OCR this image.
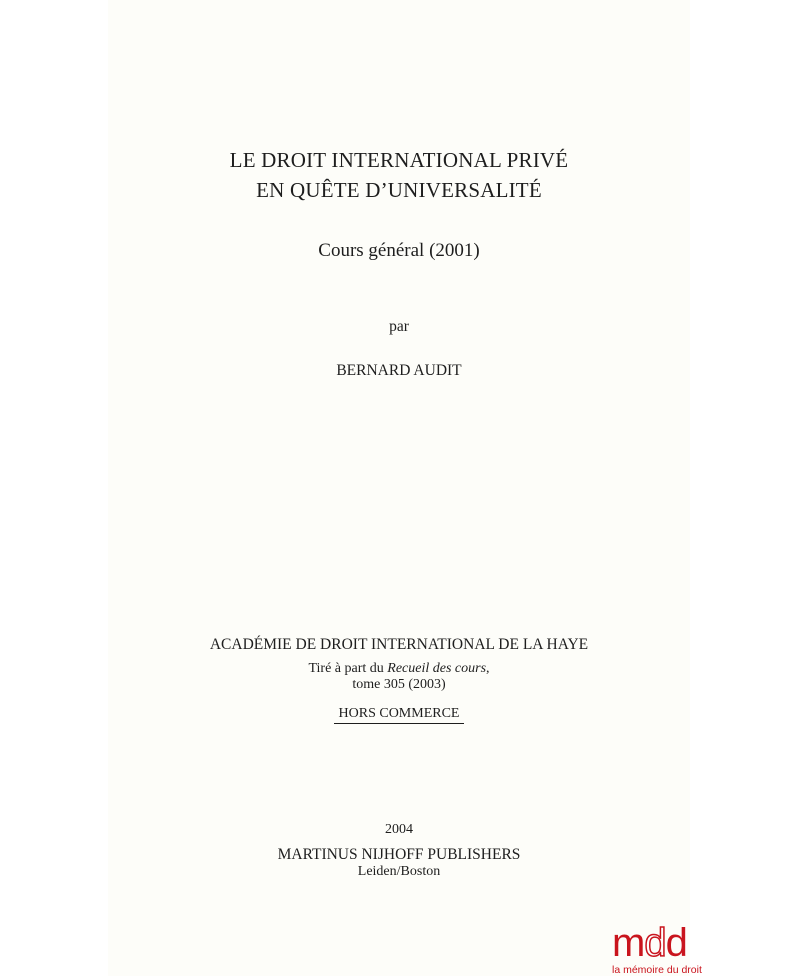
LE DROIT INTERNATIONAL PRIVÉ
EN QUÊTE D’UNIVERSALITÉ
Cours général (2001)
par
BERNARD AUDIT
ACADÉMIE DE DROIT INTERNATIONAL DE LA HAYE
Tiré à part du Recueil des cours,
tome 305 (2003)
HORS COMMERCE
2004
MARTINUS NIJHOFF PUBLISHERS
Leiden/Boston
mdd
la mémoire du droit
